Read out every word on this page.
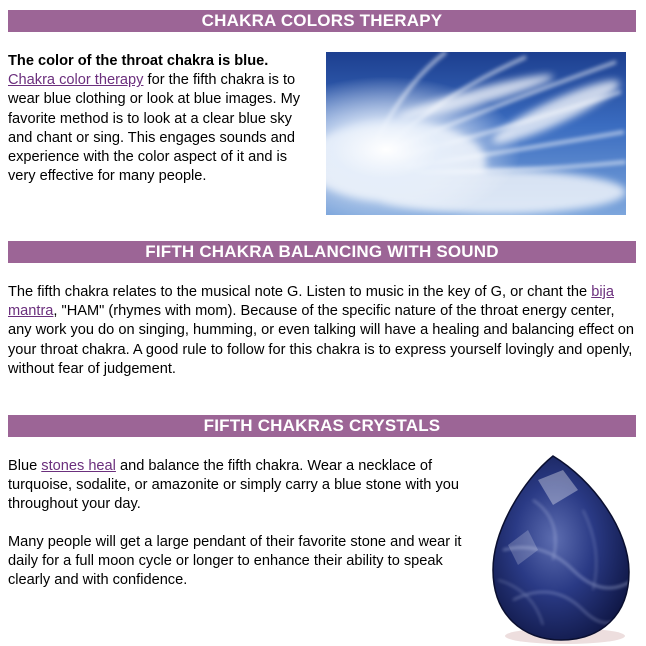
CHAKRA COLORS THERAPY
The color of the throat chakra is blue.
Chakra color therapy for the fifth chakra is to wear blue clothing or look at blue images. My favorite method is to look at a clear blue sky and chant or sing. This engages sounds and experience with the color aspect of it and is very effective for many people.
FIFTH CHAKRA BALANCING WITH SOUND
The fifth chakra relates to the musical note G. Listen to music in the key of G, or chant the bija mantra, "HAM" (rhymes with mom). Because of the specific nature of the throat energy center, any work you do on singing, humming, or even talking will have a healing and balancing effect on your throat chakra. A good rule to follow for this chakra is to express yourself lovingly and openly, without fear of judgement.
FIFTH CHAKRAS CRYSTALS
Blue stones heal and balance the fifth chakra. Wear a necklace of turquoise, sodalite, or amazonite or simply carry a blue stone with you throughout your day.
Many people will get a large pendant of their favorite stone and wear it daily for a full moon cycle or longer to enhance their ability to speak clearly and with confidence.
